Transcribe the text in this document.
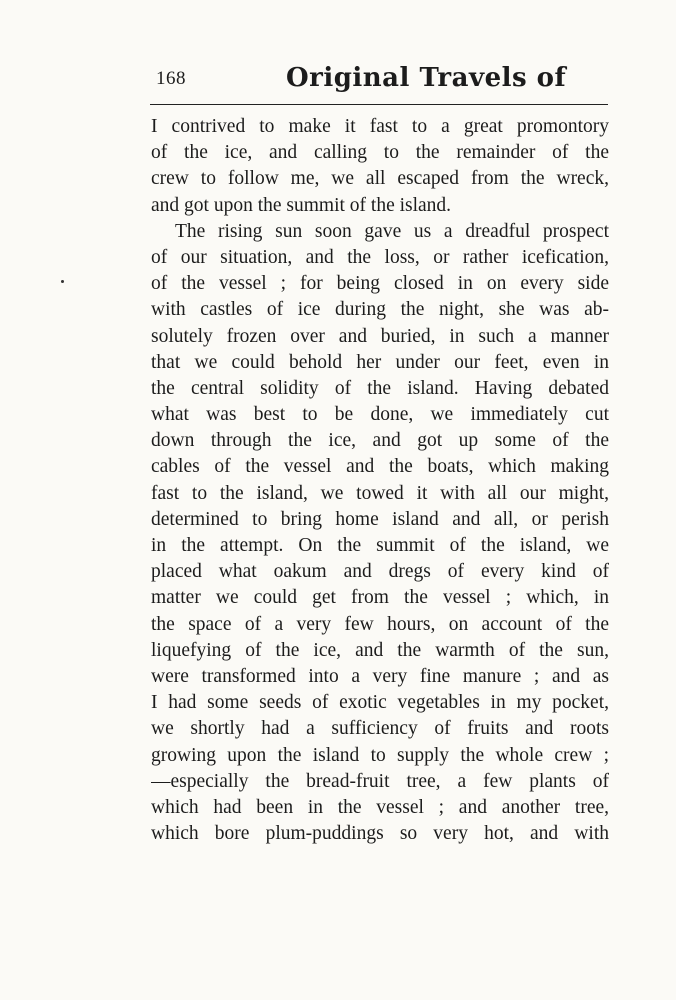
168	Original Travels of
I contrived to make it fast to a great promontory
of the ice, and calling to the remainder of the
crew to follow me, we all escaped from the wreck,
and got upon the summit of the island.
The rising sun soon gave us a dreadful prospect
of our situation, and the loss, or rather icefication,
of the vessel ; for being closed in on every side
with castles of ice during the night, she was ab-
solutely frozen over and buried, in such a manner
that we could behold her under our feet, even in
the central solidity of the island. Having debated
what was best to be done, we immediately cut
down through the ice, and got up some of the
cables of the vessel and the boats, which making
fast to the island, we towed it with all our might,
determined to bring home island and all, or perish
in the attempt. On the summit of the island, we
placed what oakum and dregs of every kind of
matter we could get from the vessel ; which, in
the space of a very few hours, on account of the
liquefying of the ice, and the warmth of the sun,
were transformed into a very fine manure ; and as
I had some seeds of exotic vegetables in my pocket,
we shortly had a sufficiency of fruits and roots
growing upon the island to supply the whole crew ;
—especially the bread-fruit tree, a few plants of
which had been in the vessel ; and another tree,
which bore plum-puddings so very hot, and with
